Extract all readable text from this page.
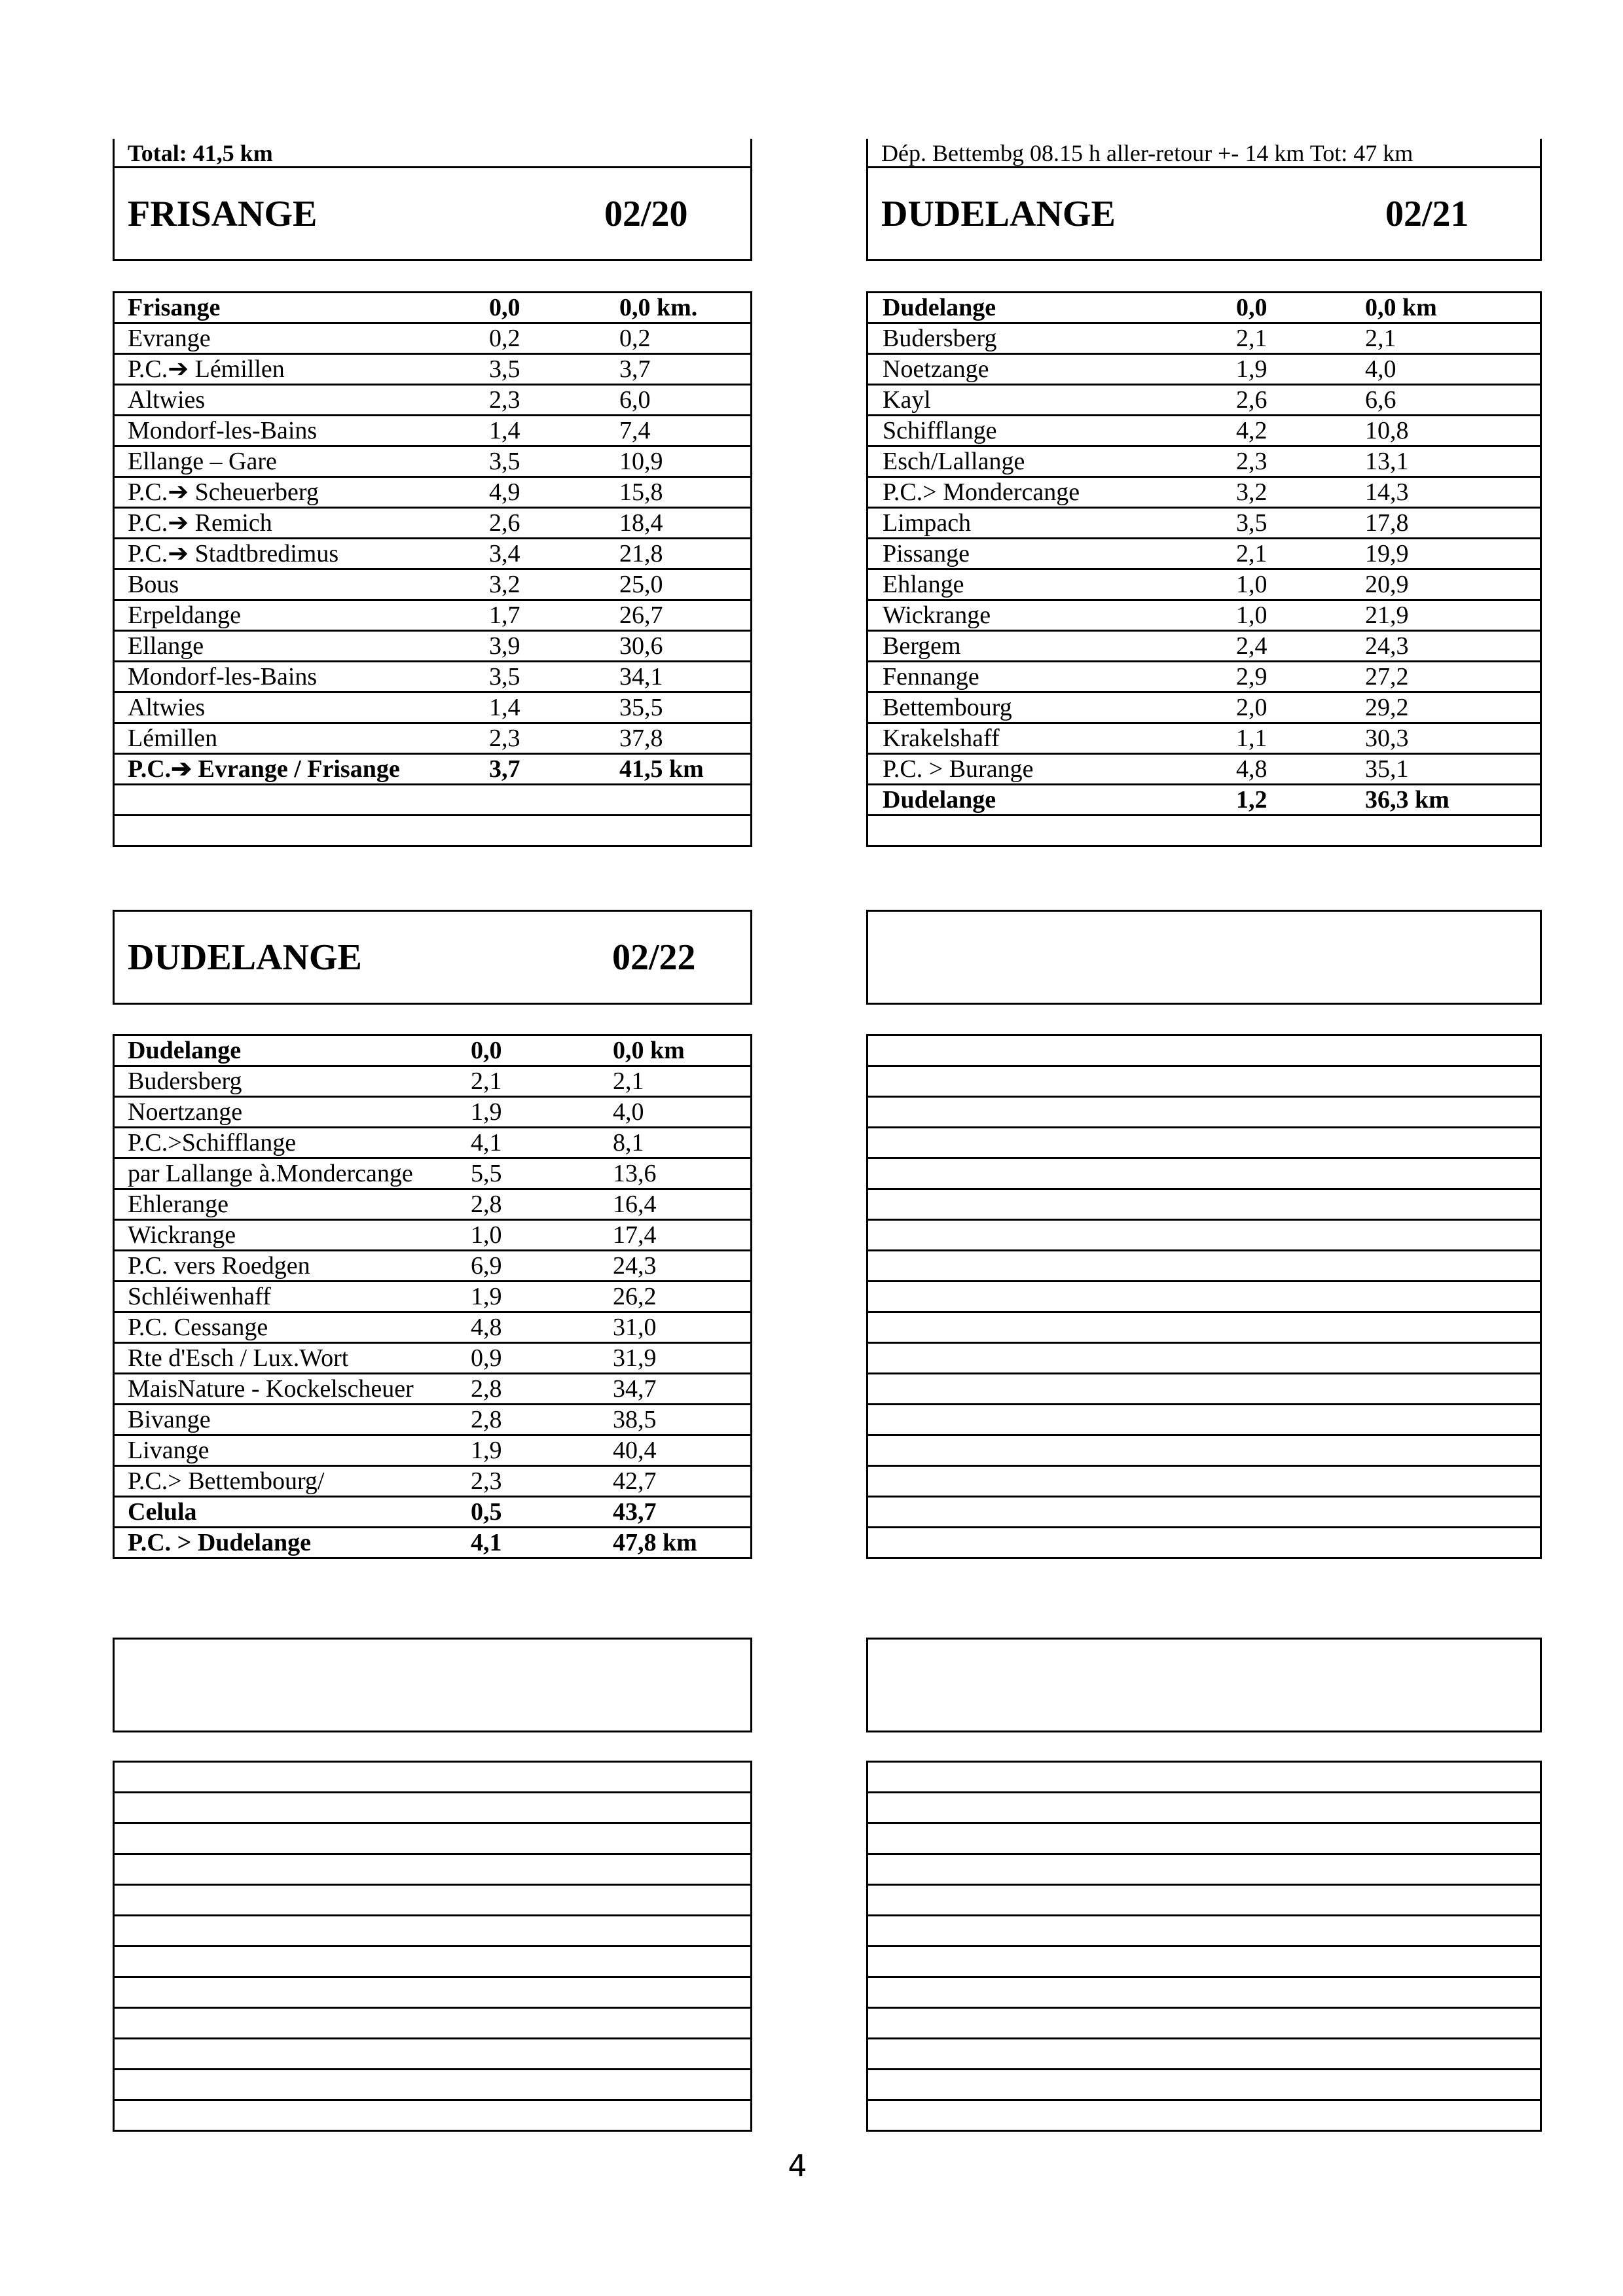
Total: 41,5 km	Dép. Bettembg 08.15 h aller-retour +- 14 km Tot: 47 km
FRISANGE	02/20	DUDELANGE	02/21
DUDELANGE	02/22
Frisange	0,0	0,0 km.
Evrange	0,2	0,2
P.C.➔ Lémillen	3,5	3,7
Altwies	2,3	6,0
Mondorf-les-Bains	1,4	7,4
Ellange – Gare	3,5	10,9
P.C.➔ Scheuerberg	4,9	15,8
P.C.➔ Remich	2,6	18,4
P.C.➔ Stadtbredimus	3,4	21,8
Bous	3,2	25,0
Erpeldange	1,7	26,7
Ellange	3,9	30,6
Mondorf-les-Bains	3,5	34,1
Altwies	1,4	35,5
Lémillen	2,3	37,8
P.C.➔ Evrange / Frisange	3,7	41,5 km
Dudelange	0,0	0,0 km
Budersberg	2,1	2,1
Noetzange	1,9	4,0
Kayl	2,6	6,6
Schifflange	4,2	10,8
Esch/Lallange	2,3	13,1
P.C.> Mondercange	3,2	14,3
Limpach	3,5	17,8
Pissange	2,1	19,9
Ehlange	1,0	20,9
Wickrange	1,0	21,9
Bergem	2,4	24,3
Fennange	2,9	27,2
Bettembourg	2,0	29,2
Krakelshaff	1,1	30,3
P.C. > Burange	4,8	35,1
Dudelange	1,2	36,3 km
Dudelange	0,0	0,0 km
Budersberg	2,1	2,1
Noertzange	1,9	4,0
P.C.>Schifflange	4,1	8,1
par Lallange à.Mondercange 5,5	13,6
Ehlerange	2,8	16,4
Wickrange	1,0	17,4
P.C. vers Roedgen	6,9	24,3
Schléiwenhaff	1,9	26,2
P.C. Cessange	4,8	31,0
Rte d'Esch / Lux.Wort	0,9	31,9
MaisNature - Kockelscheuer 2,8	34,7
Bivange	2,8	38,5
Livange	1,9	40,4
P.C.> Bettembourg/	2,3	42,7
Celula	0,5	43,7
P.C. > Dudelange	4,1	47,8 km
4
